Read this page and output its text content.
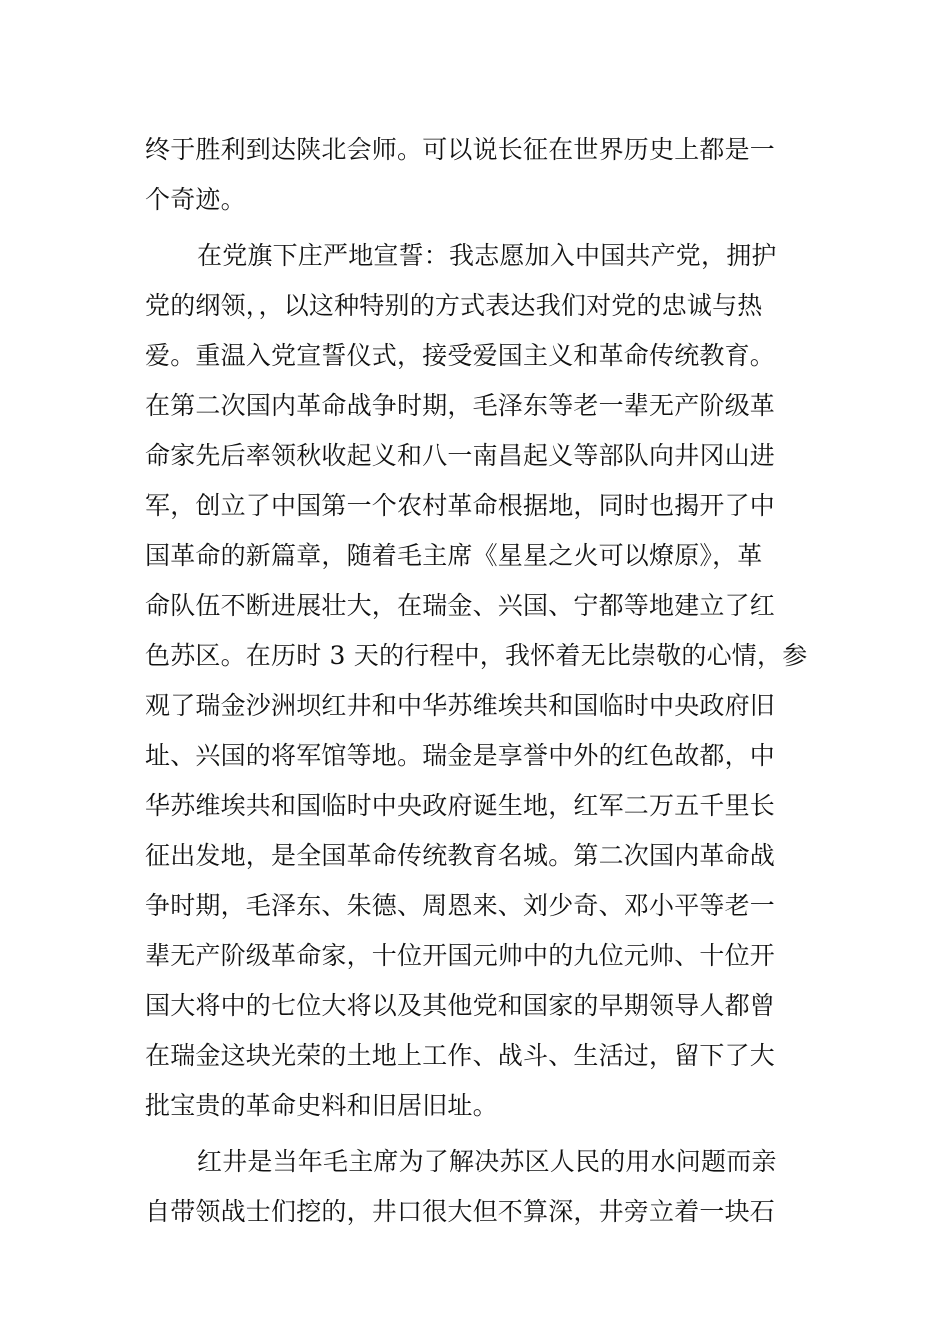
终于胜利到达陕北会师。可以说长征在世界历史上都是一
个奇迹。
在党旗下庄严地宣誓：我志愿加入中国共产党，拥护
党的纲领，，以这种特别的方式表达我们对党的忠诚与热
爱。重温入党宣誓仪式，接受爱国主义和革命传统教育。
在第二次国内革命战争时期，毛泽东等老一辈无产阶级革
命家先后率领秋收起义和八一南昌起义等部队向井冈山进
军，创立了中国第一个农村革命根据地，同时也揭开了中
国革命的新篇章，随着毛主席《星星之火可以燎原》，革
命队伍不断进展壮大，在瑞金、兴国、宁都等地建立了红
色苏区。在历时 3 天的行程中，我怀着无比崇敬的心情，参
观了瑞金沙洲坝红井和中华苏维埃共和国临时中央政府旧
址、兴国的将军馆等地。瑞金是享誉中外的红色故都，中
华苏维埃共和国临时中央政府诞生地，红军二万五千里长
征出发地，是全国革命传统教育名城。第二次国内革命战
争时期，毛泽东、朱德、周恩来、刘少奇、邓小平等老一
辈无产阶级革命家，十位开国元帅中的九位元帅、十位开
国大将中的七位大将以及其他党和国家的早期领导人都曾
在瑞金这块光荣的土地上工作、战斗、生活过，留下了大
批宝贵的革命史料和旧居旧址。
红井是当年毛主席为了解决苏区人民的用水问题而亲
自带领战士们挖的，井口很大但不算深，井旁立着一块石
